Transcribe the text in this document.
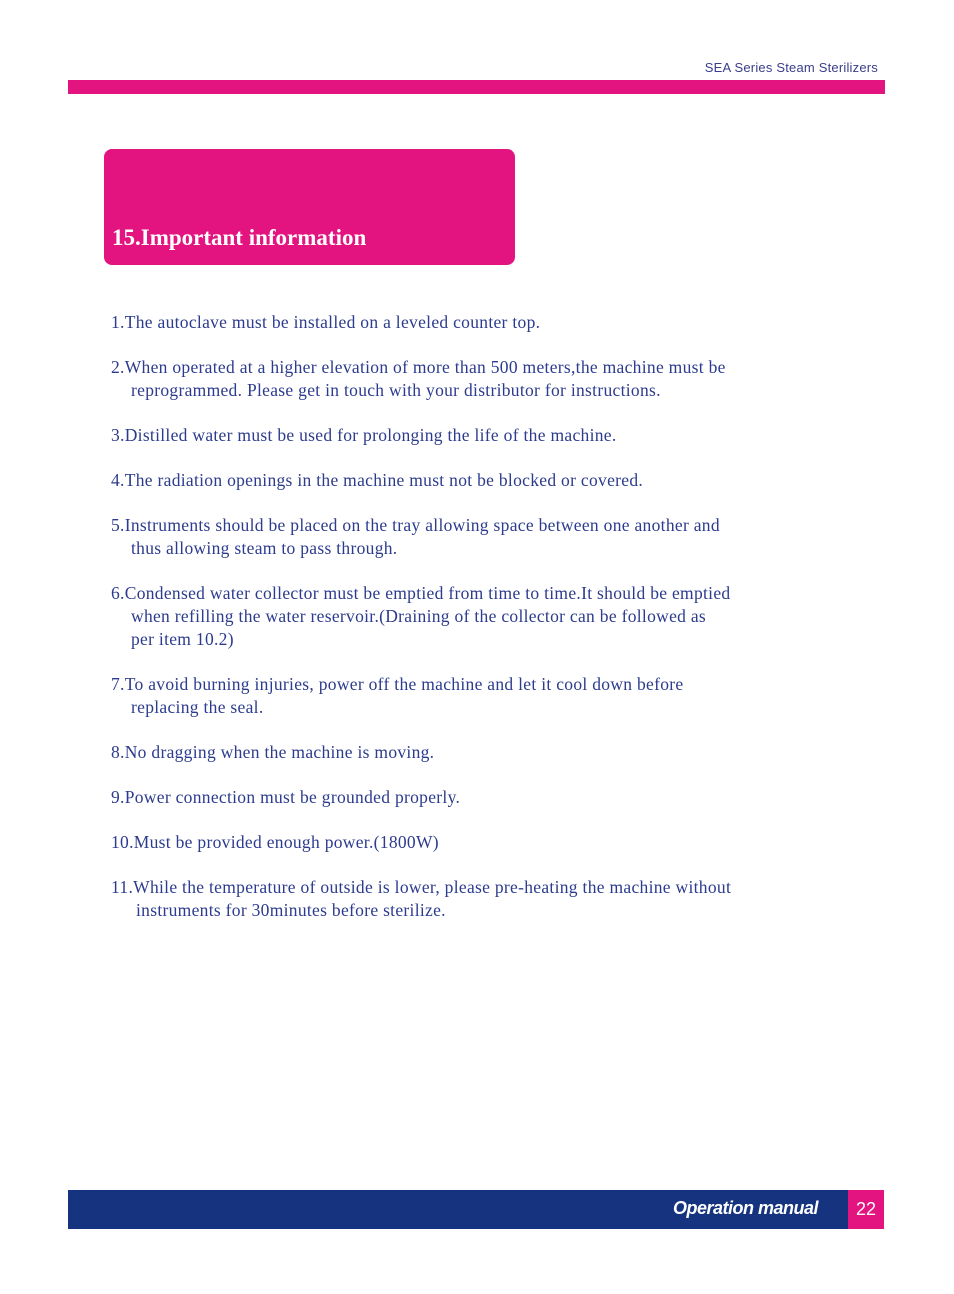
SEA Series Steam Sterilizers
15.Important information
1.The autoclave must be installed on a leveled counter top.
2.When operated at a higher elevation of more than 500 meters,the machine must be
reprogrammed. Please get in touch with your distributor for instructions.
3.Distilled water must be used for prolonging the life of the machine.
4.The radiation openings in the machine must not be blocked or covered.
5.Instruments should be placed on the tray allowing space between one another and
thus allowing steam to pass through.
6.Condensed water collector must be emptied from time to time.It should be emptied
when refilling the water reservoir.(Draining of the collector can be followed as
per item 10.2)
7.To avoid burning injuries, power off the machine and let it cool down before
replacing the seal.
8.No dragging when the machine is moving.
9.Power connection must be grounded properly.
10.Must be provided enough power.(1800W)
11.While the temperature of outside is lower, please pre-heating the machine without
instruments for 30minutes before sterilize.
Operation manual	22
